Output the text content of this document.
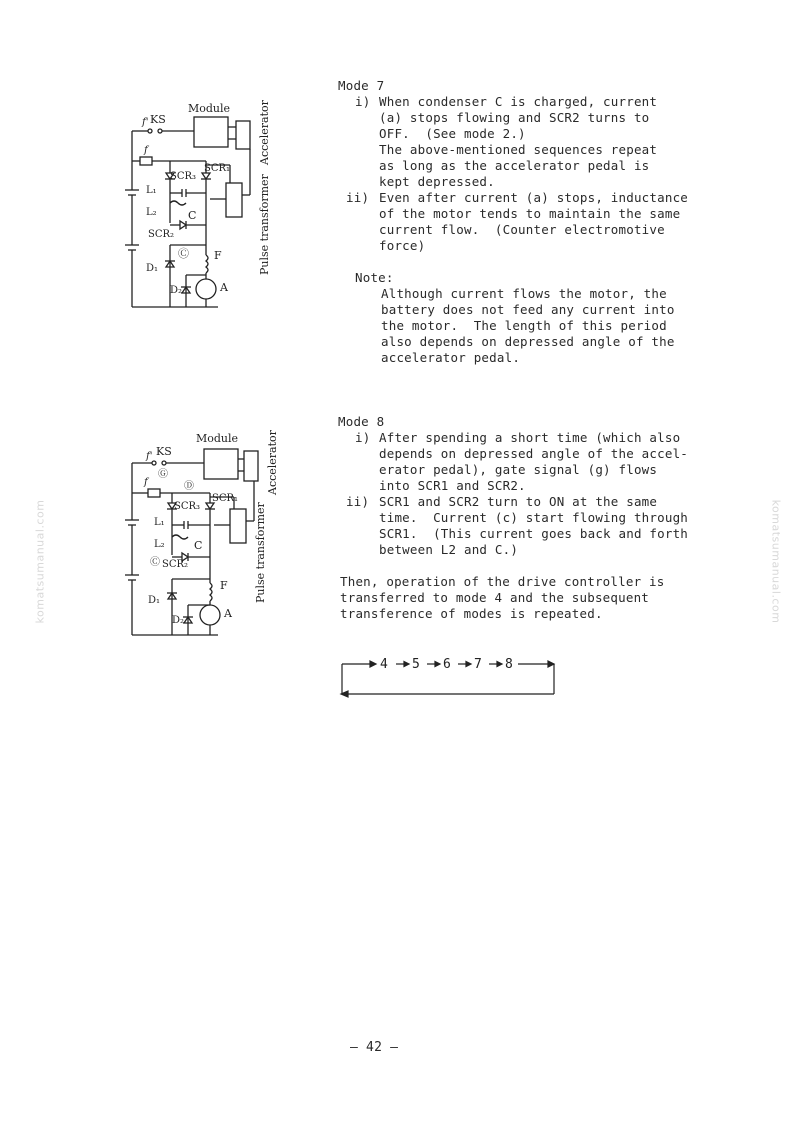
komatsumanual.com	komatsumanual.com
Module	Accelerator
Pulse transformer
f' KS
f
SCR₃
SCR₁
L₁
L₂	C
SCR₂
Ⓒ F
D₁
D₂	A
Mode 7
i) When condenser C is charged, current
(a) stops flowing and SCR2 turns to
OFF.  (See mode 2.)
The above-mentioned sequences repeat
as long as the accelerator pedal is
kept depressed.
ii) Even after current (a) stops, inductance
of the motor tends to maintain the same
current flow.  (Counter electromotive
force)
Note:
Although current flows the motor, the
battery does not feed any current into
the motor.  The length of this period
also depends on depressed angle of the
accelerator pedal.
Module	Accelerator
Pulse transformer
f' KS
f
Ⓖ
Ⓓ
SCR₃
SCR₁
L₁
L₂	C
Ⓒ SCR₂
F
D₁
D₂
A
Mode 8
i) After spending a short time (which also
depends on depressed angle of the accel-
erator pedal), gate signal (g) flows
into SCR1 and SCR2.
ii) SCR1 and SCR2 turn to ON at the same
time.  Current (c) start flowing through
SCR1.  (This current goes back and forth
between L2 and C.)
Then, operation of the drive controller is
transferred to mode 4 and the subsequent
transference of modes is repeated.
4 5 6 7 8
– 42 –
